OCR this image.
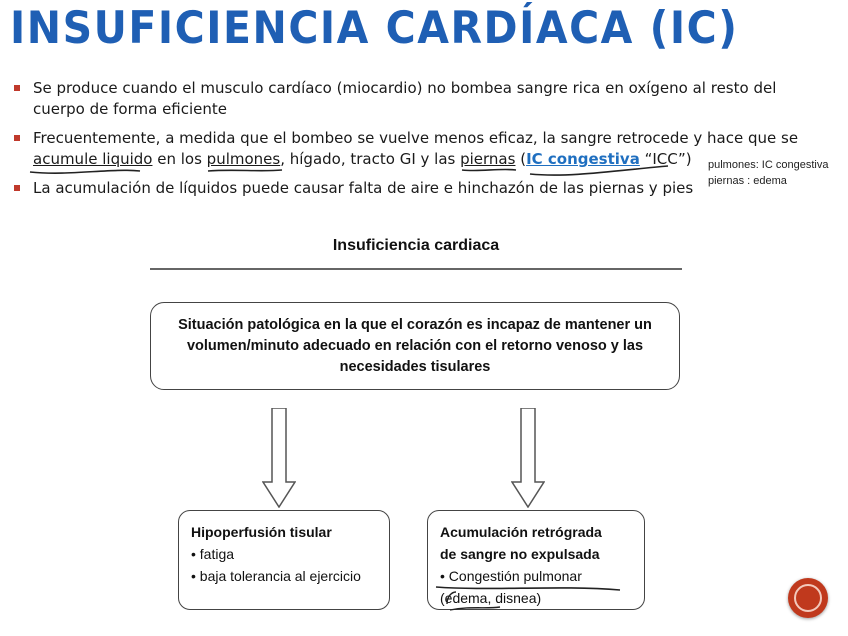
INSUFICIENCIA CARDÍACA (IC)
Se produce cuando el musculo cardíaco (miocardio) no bombea sangre rica en oxígeno al resto del cuerpo de forma eficiente
Frecuentemente, a medida que el bombeo se vuelve menos eficaz, la sangre retrocede y hace que se
acumule liquido en los pulmones, hígado, tracto GI y las piernas (IC congestiva “ICC”)
La acumulación de líquidos puede causar falta de aire e hinchazón de las piernas y pies
pulmones: IC congestiva
piernas : edema
Insuficiencia cardiaca
Situación patológica en la que el corazón es incapaz de mantener un volumen/minuto adecuado en relación con el retorno venoso y las necesidades tisulares
Hipoperfusión tisular
• fatiga
• baja tolerancia al ejercicio
Acumulación retrógrada
de sangre no expulsada
• Congestión pulmonar
(edema, disnea)
